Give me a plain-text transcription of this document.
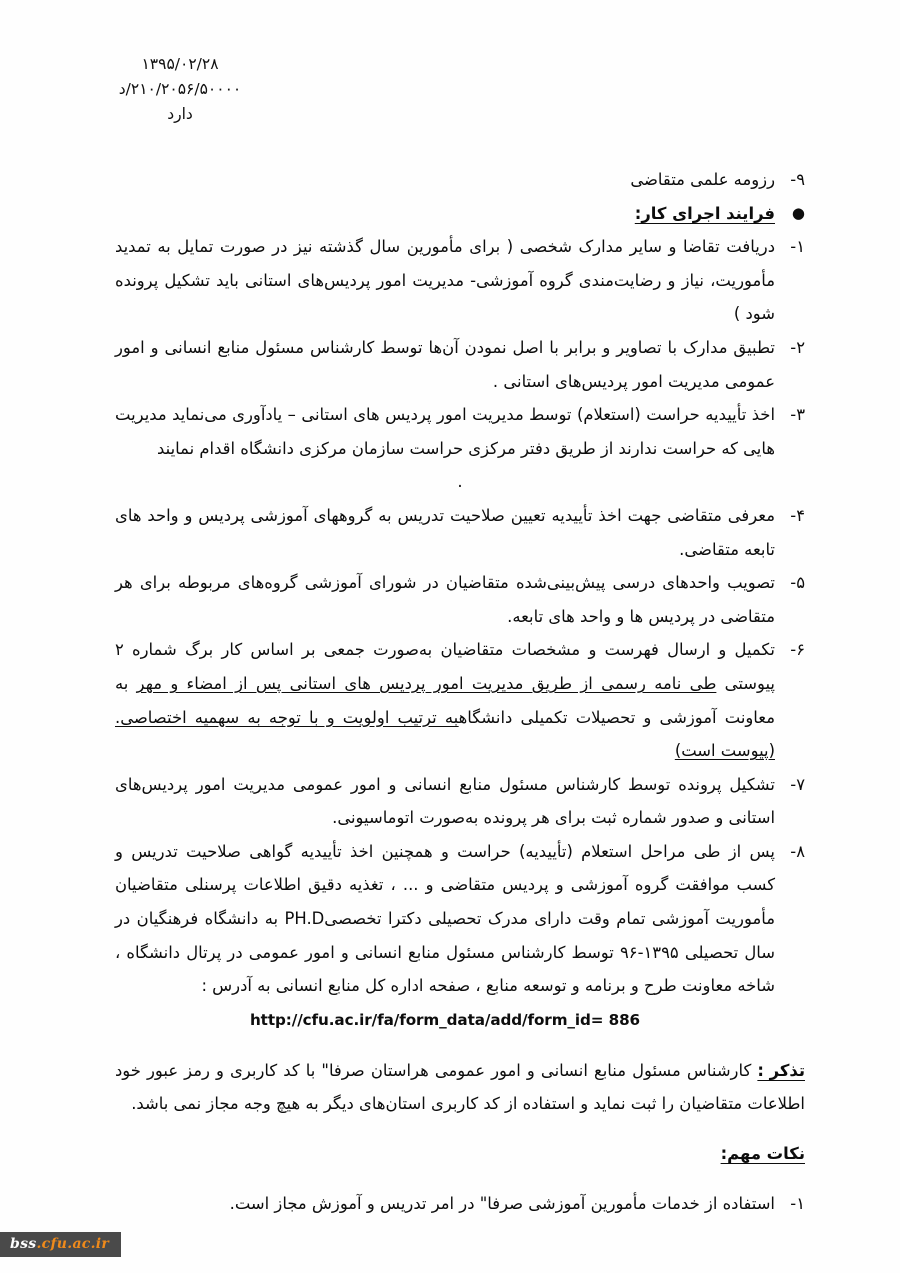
۱۳۹۵/۰۲/۲۸
۲۱۰/۲۰۵۶/۵۰۰۰۰/د
دارد
۹-

رزومه علمی متقاضی

●

فرایند اجرای کار:

۱-

دریافت تقاضا و سایر مدارک شخصی ( برای مأمورین سال گذشته نیز در صورت تمایل به تمدید مأموریت، نیاز و رضایت‌مندی گروه آموزشی- مدیریت امور پردیس‌های استانی باید تشکیل پرونده شود )

۲-

تطبیق مدارک با تصاویر و برابر با اصل نمودن آن‌ها توسط کارشناس مسئول منابع انسانی و امور عمومی مدیریت امور پردیس‌های استانی .

۳-

اخذ تأییدیه حراست (استعلام) توسط مدیریت امور پردیس های استانی – یادآوری می‌نماید مدیریت هایی که حراست ندارند از طریق دفتر مرکزی حراست سازمان مرکزی دانشگاه اقدام نمایند

.
۴-

معرفی متقاضی جهت اخذ تأییدیه تعیین صلاحیت تدریس به گروههای آموزشی پردیس و واحد های تابعه متقاضی.

۵-

تصویب واحدهای درسی پیش‌بینی‌شده متقاضیان در شورای آموزشی گروه‌های مربوطه برای هر متقاضی در پردیس ها و واحد های تابعه.

۶-

تکمیل و ارسال فهرست و مشخصات متقاضیان به‌صورت جمعی بر اساس کار برگ شماره ۲ پیوستی طی نامه رسمی از طریق مدیریت امور پردیس های استانی پس از امضاء و مهر به معاونت آموزشی و تحصیلات تکمیلی دانشگاهبه ترتیب اولویت و با توجه به سهمیه اختصاصی. (پیوست است)

۷-

تشکیل پرونده توسط کارشناس مسئول منابع انسانی و امور عمومی مدیریت امور پردیس‌های استانی و صدور شماره ثبت برای هر پرونده به‌صورت اتوماسیونی.

۸-

پس از طی مراحل استعلام (تأییدیه) حراست و همچنین اخذ تأییدیه گواهی صلاحیت تدریس و کسب موافقت گروه آموزشی و پردیس متقاضی و ... ، تغذیه دقیق اطلاعات پرسنلی متقاضیان مأموریت آموزشی تمام وقت دارای مدرک تحصیلی دکترا تخصصیPH.D به دانشگاه فرهنگیان در سال تحصیلی ۱۳۹۵-۹۶ توسط کارشناس مسئول منابع انسانی و امور عمومی در پرتال دانشگاه ، شاخه معاونت طرح و برنامه و توسعه منابع ، صفحه اداره کل منابع انسانی به آدرس :

http://cfu.ac.ir/fa/form_data/add/form_id= 886

تذکر : کارشناس مسئول منابع انسانی و امور عمومی هراستان صرفا" با کد کاربری و رمز عبور خود اطلاعات متقاضیان را ثبت نماید و استفاده از کد کاربری استان‌های دیگر به هیچ وجه مجاز نمی باشد.

نکات مهم:

۱-

استفاده از خدمات مأمورین آموزشی صرفا" در امر تدریس و آموزش مجاز است.

bss.cfu.ac.ir
